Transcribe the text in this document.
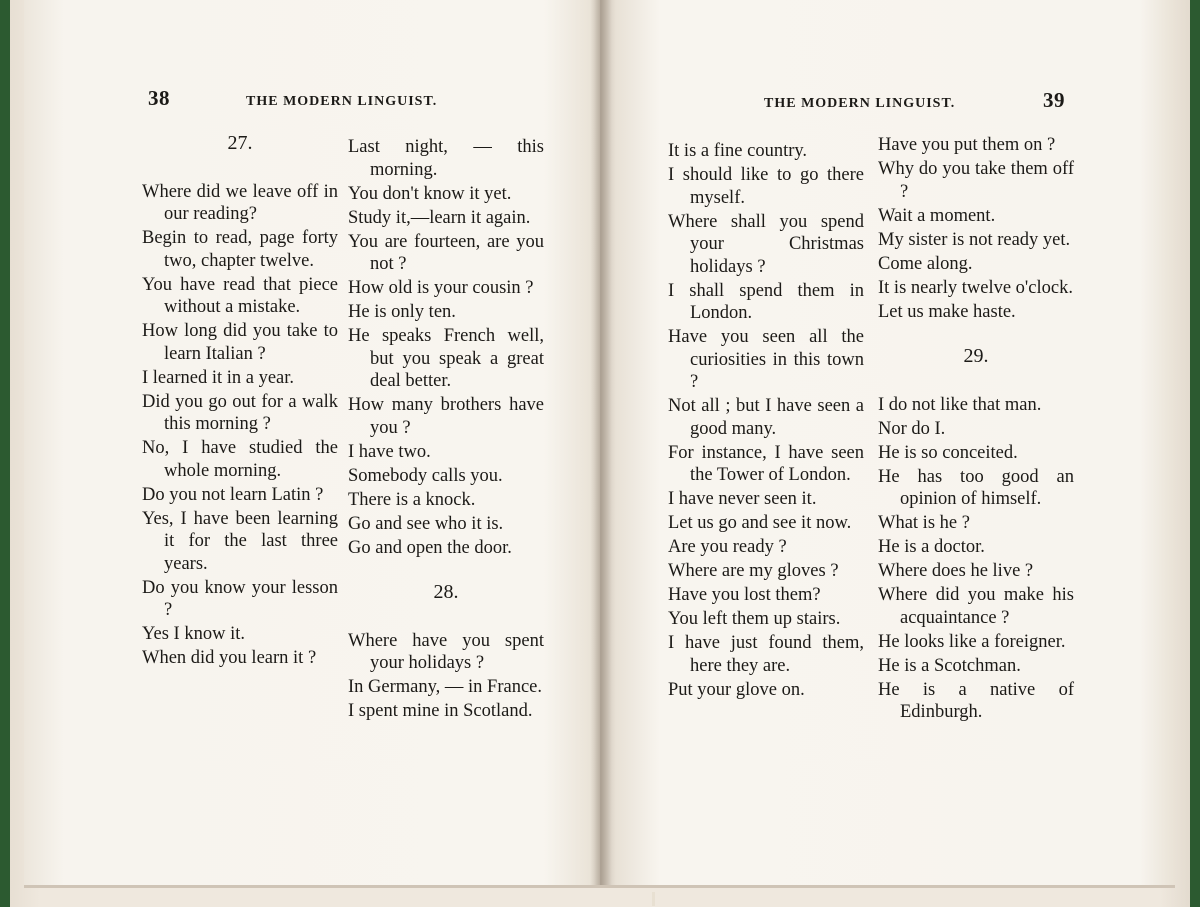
38	THE MODERN LINGUIST.	THE MODERN LINGUIST.	39
27.
Where did we leave off in our reading?
Begin to read, page forty two, chapter twelve.
You have read that piece without a mistake.
How long did you take to learn Italian ?
I learned it in a year.
Did you go out for a walk this morning ?
No, I have studied the whole morning.
Do you not learn Latin ?
Yes, I have been learning it for the last three years.
Do you know your lesson ?
Yes I know it.
When did you learn it ?
Last night, — this morning.
You don't know it yet.
Study it,—learn it again.
You are fourteen, are you not ?
How old is your cousin ?
He is only ten.
He speaks French well, but you speak a great deal better.
How many brothers have you ?
I have two.
Somebody calls you.
There is a knock.
Go and see who it is.
Go and open the door.
28.
Where have you spent your holidays ?
In Germany, — in France.
I spent mine in Scotland.
It is a fine country.
I should like to go there myself.
Where shall you spend your Christmas holidays ?
I shall spend them in London.
Have you seen all the curiosities in this town ?
Not all ; but I have seen a good many.
For instance, I have seen the Tower of London.
I have never seen it.
Let us go and see it now.
Are you ready ?
Where are my gloves ?
Have you lost them?
You left them up stairs.
I have just found them, here they are.
Put your glove on.
Have you put them on ?
Why do you take them off ?
Wait a moment.
My sister is not ready yet.
Come along.
It is nearly twelve o'clock.
Let us make haste.
29.
I do not like that man.
Nor do I.
He is so conceited.
He has too good an opinion of himself.
What is he ?
He is a doctor.
Where does he live ?
Where did you make his acquaintance ?
He looks like a foreigner.
He is a Scotchman.
He is a native of Edinburgh.
